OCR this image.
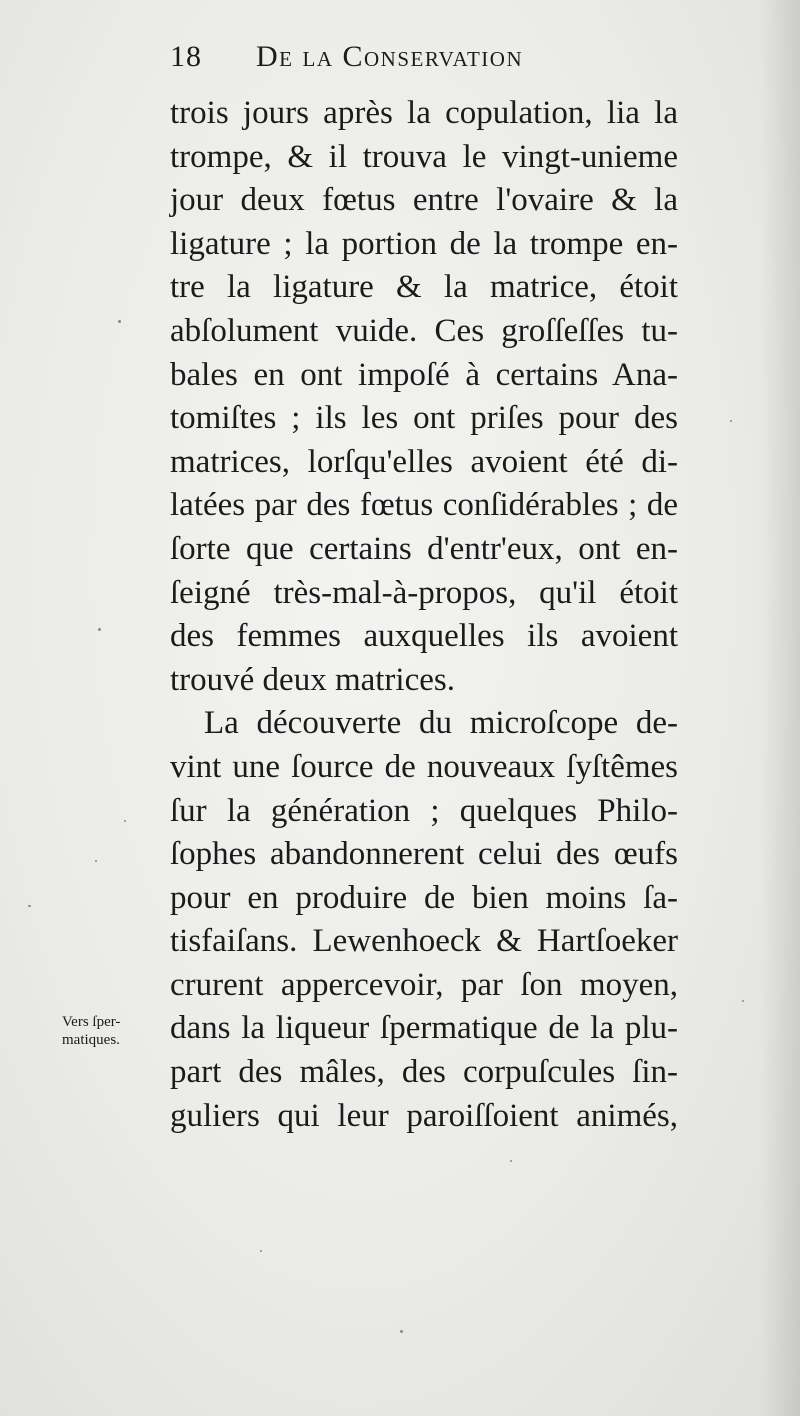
18 De la Conservation
trois jours après la copulation, lia la
trompe, & il trouva le vingt-unieme
jour deux fœtus entre l'ovaire & la
ligature ; la portion de la trompe en-
tre la ligature & la matrice, étoit
abſolument vuide. Ces groſſeſſes tu-
bales en ont impoſé à certains Ana-
tomiſtes ; ils les ont priſes pour des
matrices, lorſqu'elles avoient été di-
latées par des fœtus conſidérables ; de
ſorte que certains d'entr'eux, ont en-
ſeigné très-mal-à-propos, qu'il étoit
des femmes auxquelles ils avoient
trouvé deux matrices.
La découverte du microſcope de-
vint une ſource de nouveaux ſyſtêmes
ſur la génération ; quelques Philo-
ſophes abandonnerent celui des œufs
pour en produire de bien moins ſa-
tisfaiſans. Lewenhoeck & Hartſoeker
crurent appercevoir, par ſon moyen,
dans la liqueur ſpermatique de la plu-
part des mâles, des corpuſcules ſin-
guliers qui leur paroiſſoient animés,
Vers ſper-
matiques.
